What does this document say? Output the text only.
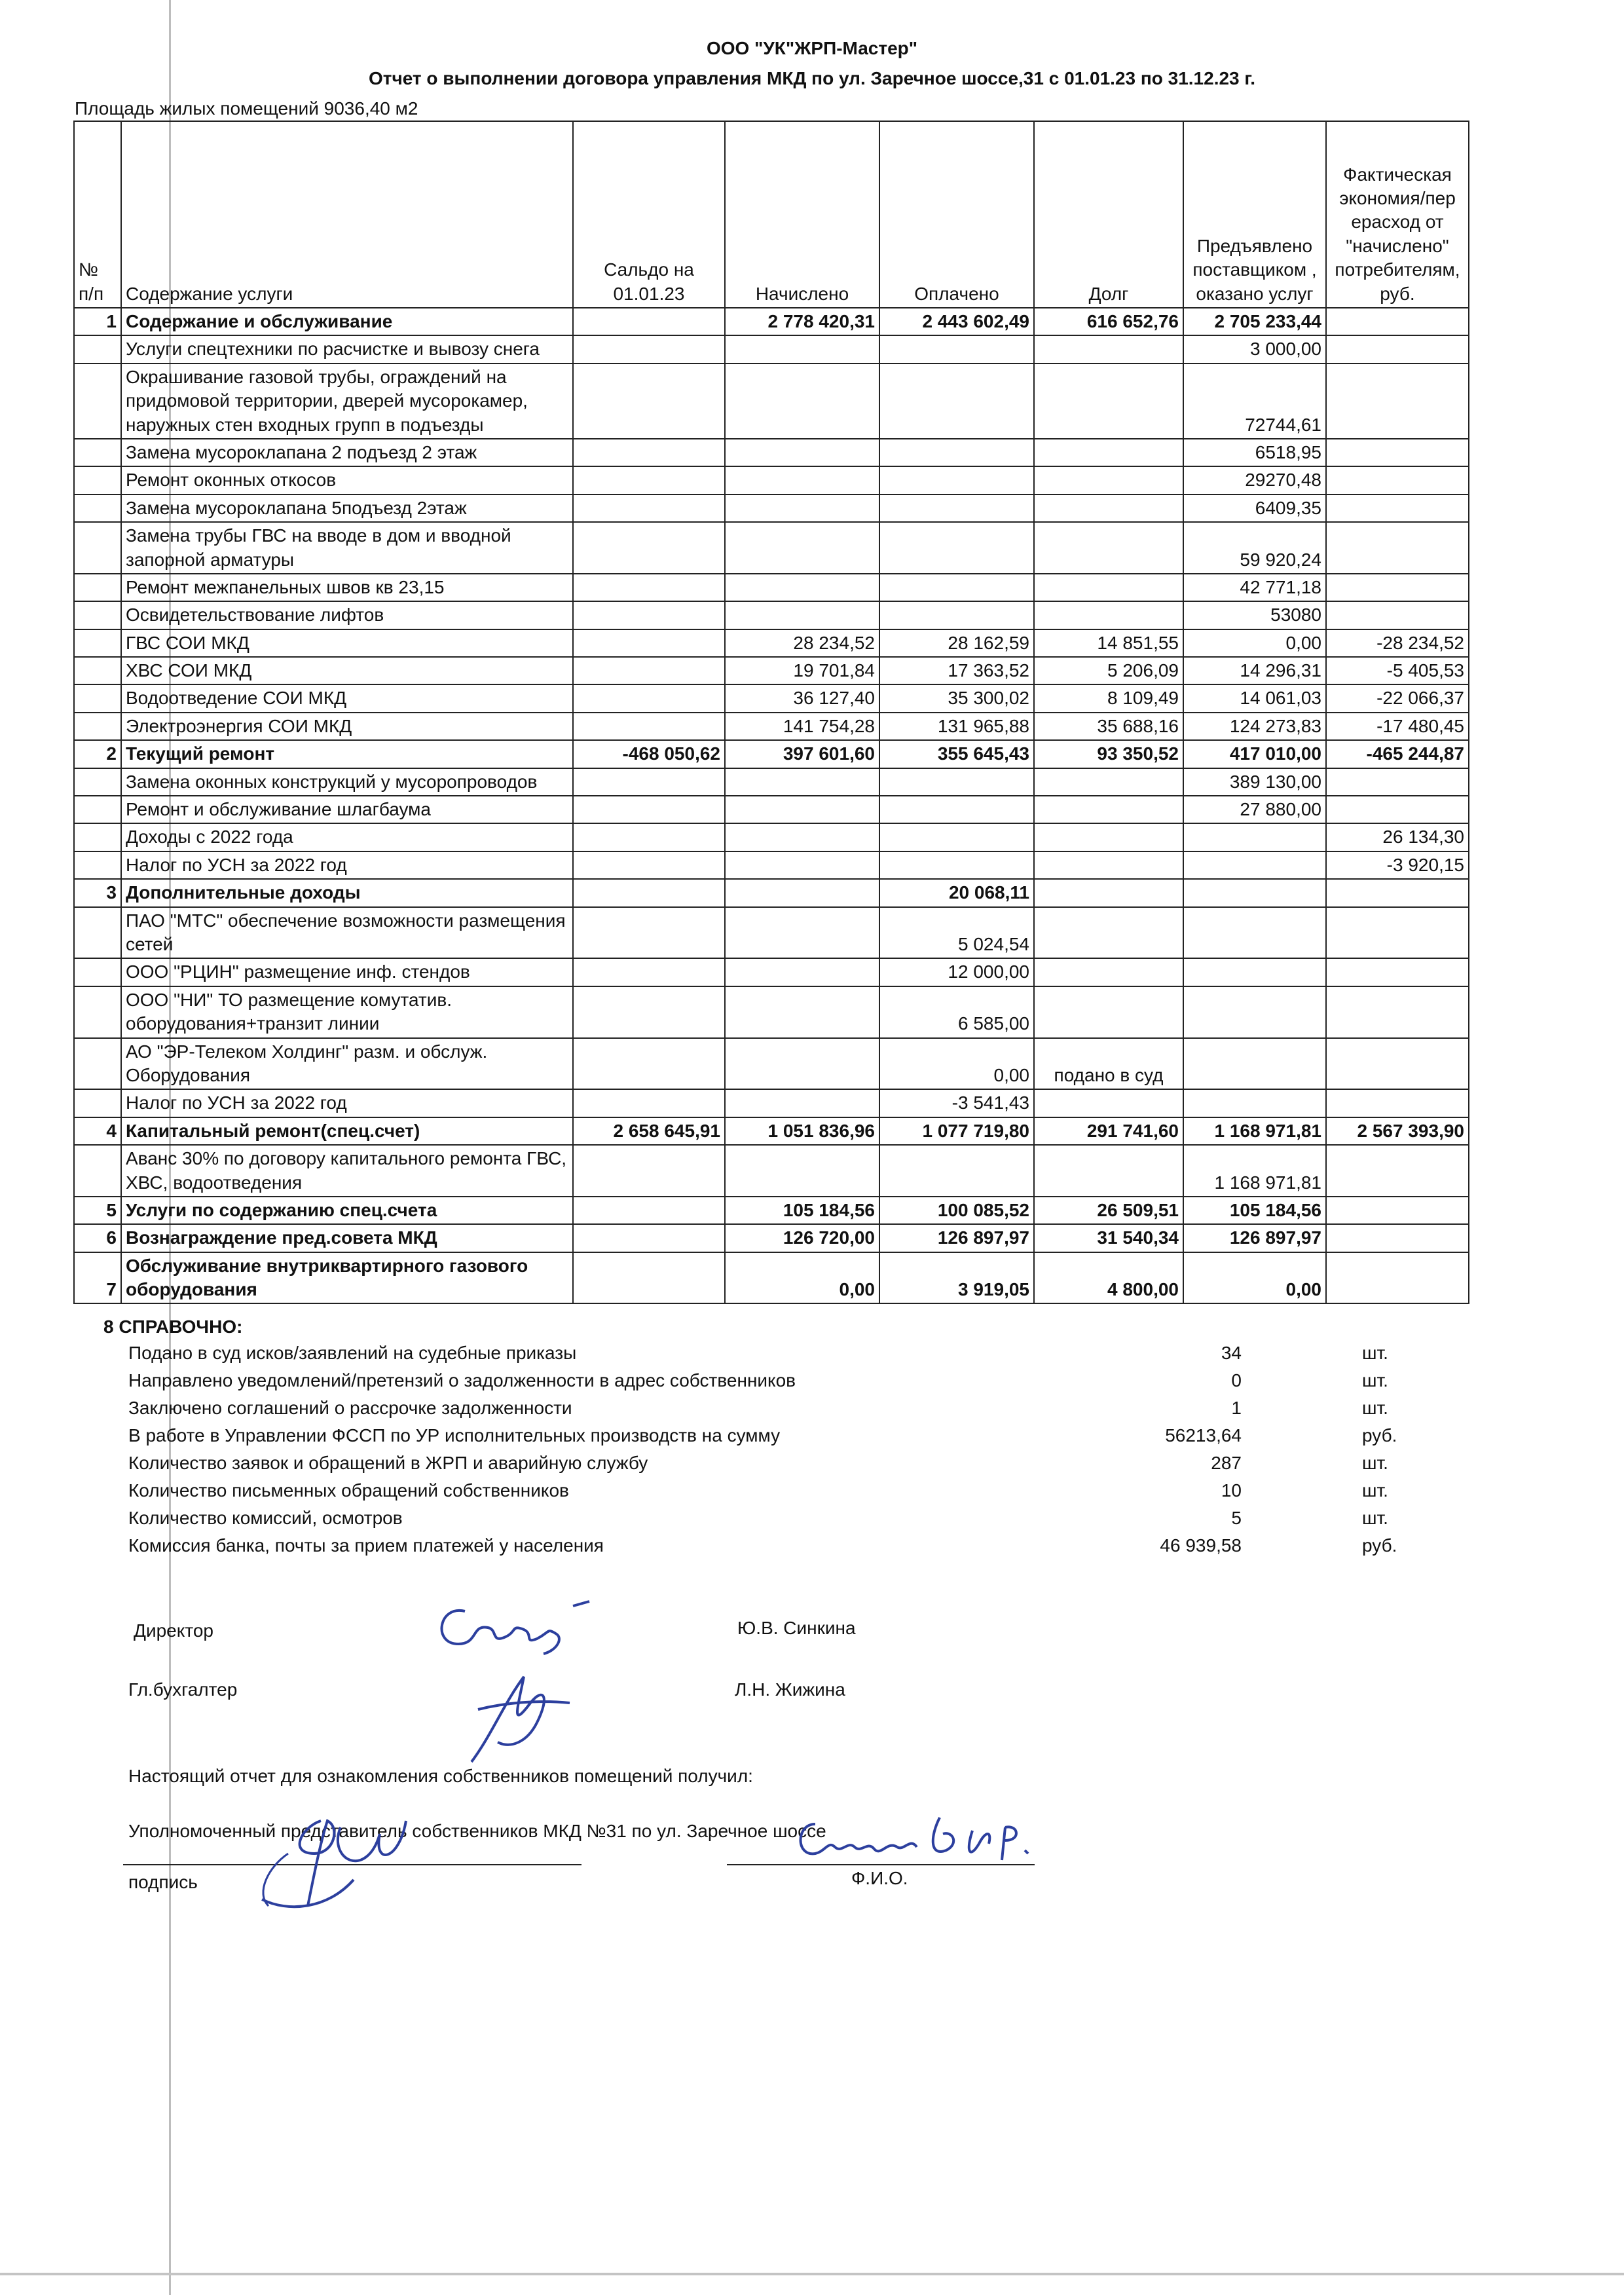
ООО "УК"ЖРП-Мастер"
Отчет о выполнении договора управления МКД по ул. Заречное шоссе,31 с 01.01.23 по 31.12.23 г.
Площадь жилых помещений 9036,40 м2
№ п/п	Содержание услуги	Сальдо на 01.01.23	Начислено	Оплачено	Долг	Предъявлено поставщиком , оказано услуг	Фактическая экономия/пер ерасход от "начислено" потребителям, руб.
1	Содержание и обслуживание		2 778 420,31	2 443 602,49	616 652,76	2 705 233,44	
	Услуги спецтехники по расчистке и вывозу снега					3 000,00	
	Окрашивание газовой трубы, ограждений на придомовой территории, дверей мусорокамер, наружных стен входных групп в подъезды					72744,61	
	Замена мусороклапана 2 подъезд 2 этаж					6518,95	
	Ремонт оконных откосов					29270,48	
	Замена мусороклапана 5подъезд 2этаж					6409,35	
	Замена трубы ГВС на вводе в дом и вводной запорной арматуры					59 920,24	
	Ремонт межпанельных швов кв 23,15					42 771,18	
	Освидетельствование лифтов					53080	
	ГВС СОИ МКД		28 234,52	28 162,59	14 851,55	0,00	-28 234,52
	ХВС СОИ МКД		19 701,84	17 363,52	5 206,09	14 296,31	-5 405,53
	Водоотведение СОИ МКД		36 127,40	35 300,02	8 109,49	14 061,03	-22 066,37
	Электроэнергия СОИ МКД		141 754,28	131 965,88	35 688,16	124 273,83	-17 480,45
2	Текущий ремонт	-468 050,62	397 601,60	355 645,43	93 350,52	417 010,00	-465 244,87
	Замена оконных конструкций у мусоропроводов					389 130,00	
	Ремонт и обслуживание шлагбаума					27 880,00	
	Доходы с 2022 года						26 134,30
	Налог по УСН за 2022 год						-3 920,15
3	Дополнительные доходы			20 068,11			
	ПАО "МТС" обеспечение возможности размещения сетей			5 024,54			
	ООО "РЦИН" размещение инф. стендов			12 000,00			
	ООО "НИ" ТО размещение комутатив. оборудования+транзит линии			6 585,00			
	АО "ЭР-Телеком Холдинг" разм. и обслуж. Оборудования			0,00	подано в суд		
	Налог по УСН за 2022 год			-3 541,43			
4	Капитальный ремонт(спец.счет)	2 658 645,91	1 051 836,96	1 077 719,80	291 741,60	1 168 971,81	2 567 393,90
	Аванс 30% по договору капитального ремонта ГВС, ХВС, водоотведения					1 168 971,81	
5	Услуги по содержанию спец.счета		105 184,56	100 085,52	26 509,51	105 184,56	
6	Вознаграждение пред.совета МКД		126 720,00	126 897,97	31 540,34	126 897,97	
7	Обслуживание внутриквартирного газового оборудования		0,00	3 919,05	4 800,00	0,00	
8 СПРАВОЧНО:
Подано в суд исков/заявлений на судебные приказы	34	шт.
Направлено уведомлений/претензий о задолженности в адрес собственников	0	шт.
Заключено соглашений о рассрочке задолженности	1	шт.
В работе в Управлении ФССП по УР исполнительных производств на сумму	56213,64	руб.
Количество заявок и обращений в ЖРП и аварийную службу	287	шт.
Количество письменных обращений собственников	10	шт.
Количество комиссий, осмотров	5	шт.
Комиссия банка, почты за прием платежей у населения	46 939,58	руб.
Директор	Ю.В. Синкина
Гл.бухгалтер	Л.Н. Жижина
Настоящий отчет для ознакомления собственников помещений получил:
Уполномоченный представитель собственников МКД №31 по ул. Заречное шоссе
подпись	Ф.И.О.
